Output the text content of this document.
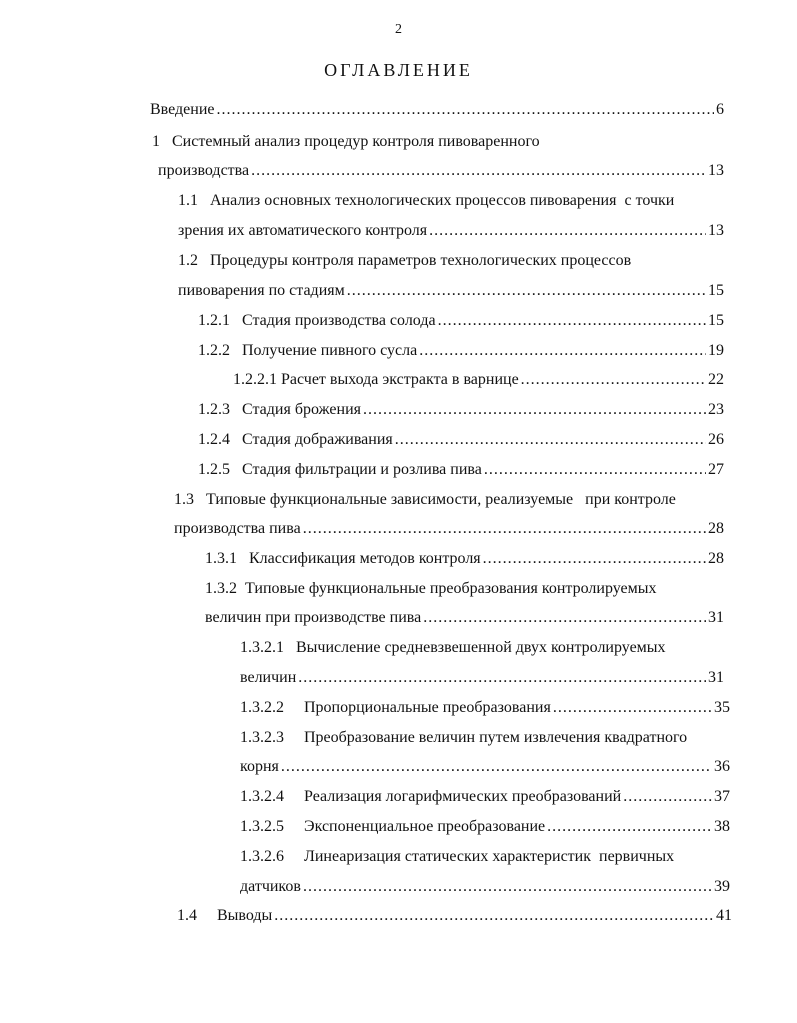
2
ОГЛАВЛЕНИЕ
Введение .....	6
1   Системный анализ процедур контроля пивоваренного
производства .....	13
1.1   Анализ основных технологических процессов пивоварения  с точки
зрения их автоматического контроля .....	13
1.2   Процедуры контроля параметров технологических процессов
пивоварения по стадиям .....	15
1.2.1   Стадия производства солода .....	15
1.2.2   Получение пивного сусла .....	19
1.2.2.1 Расчет выхода экстракта в варнице .....	22
1.2.3   Стадия брожения .....	23
1.2.4   Стадия дображивания .....	26
1.2.5   Стадия фильтрации и розлива пива .....	27
1.3   Типовые функциональные зависимости, реализуемые   при контроле
производства пива .....	28
1.3.1   Классификация методов контроля .....	28
1.3.2  Типовые функциональные преобразования контролируемых
величин при производстве пива .....	31
1.3.2.1   Вычисление средневзвешенной двух контролируемых
величин .....	31
1.3.2.2     Пропорциональные преобразования .....	35
1.3.2.3     Преобразование величин путем извлечения квадратного
корня .....	36
1.3.2.4     Реализация логарифмических преобразований .....	37
1.3.2.5     Экспоненциальное преобразование .....	38
1.3.2.6     Линеаризация статических характеристик  первичных
датчиков .....	39
1.4     Выводы .....	41
